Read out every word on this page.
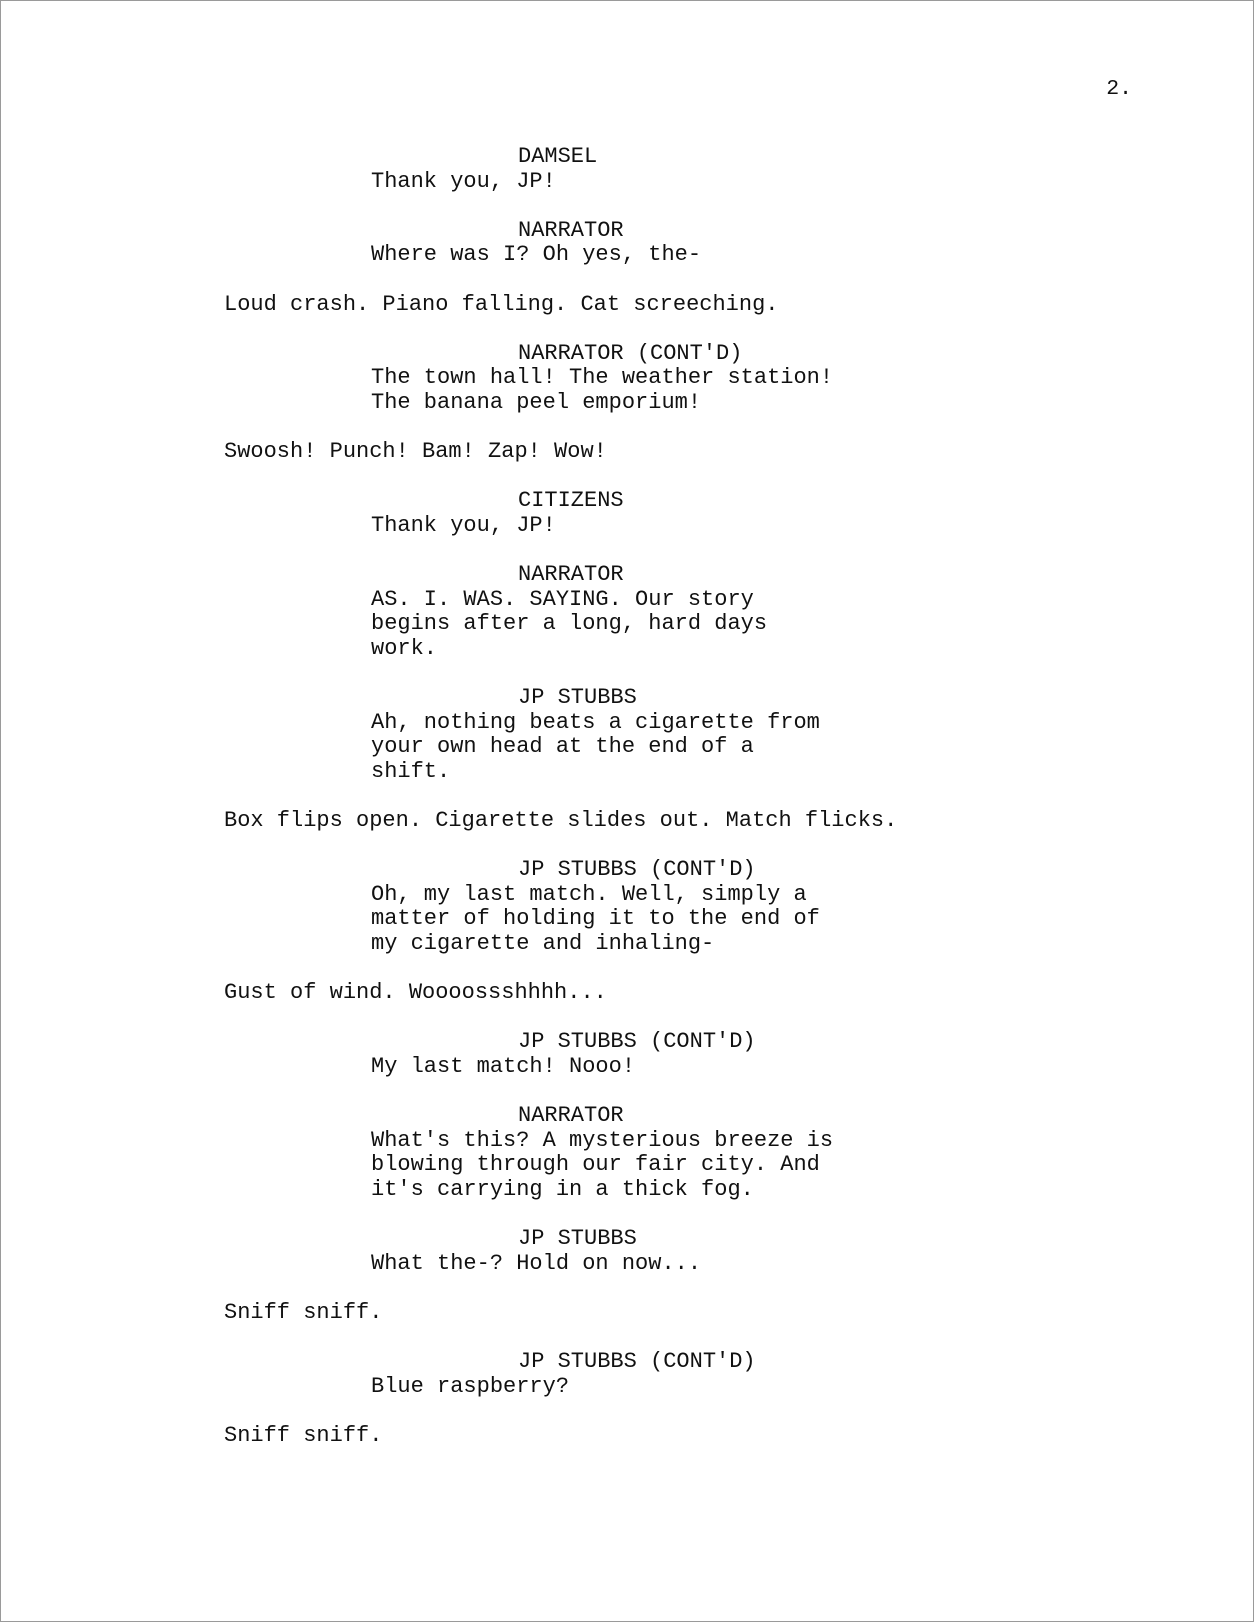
2.

DAMSEL

Thank you, JP!

NARRATOR

Where was I? Oh yes, the-

Loud crash. Piano falling. Cat screeching.

NARRATOR (CONT'D)

The town hall! The weather station!
The banana peel emporium!

Swoosh! Punch! Bam! Zap! Wow!

CITIZENS

Thank you, JP!

NARRATOR

AS. I. WAS. SAYING. Our story
begins after a long, hard days
work.

JP STUBBS

Ah, nothing beats a cigarette from
your own head at the end of a
shift.

Box flips open. Cigarette slides out. Match flicks.

JP STUBBS (CONT'D)

Oh, my last match. Well, simply a
matter of holding it to the end of
my cigarette and inhaling-

Gust of wind. Woooossshhhh...

JP STUBBS (CONT'D)

My last match! Nooo!

NARRATOR

What's this? A mysterious breeze is
blowing through our fair city. And
it's carrying in a thick fog.

JP STUBBS

What the-? Hold on now...

Sniff sniff.

JP STUBBS (CONT'D)

Blue raspberry?

Sniff sniff.
